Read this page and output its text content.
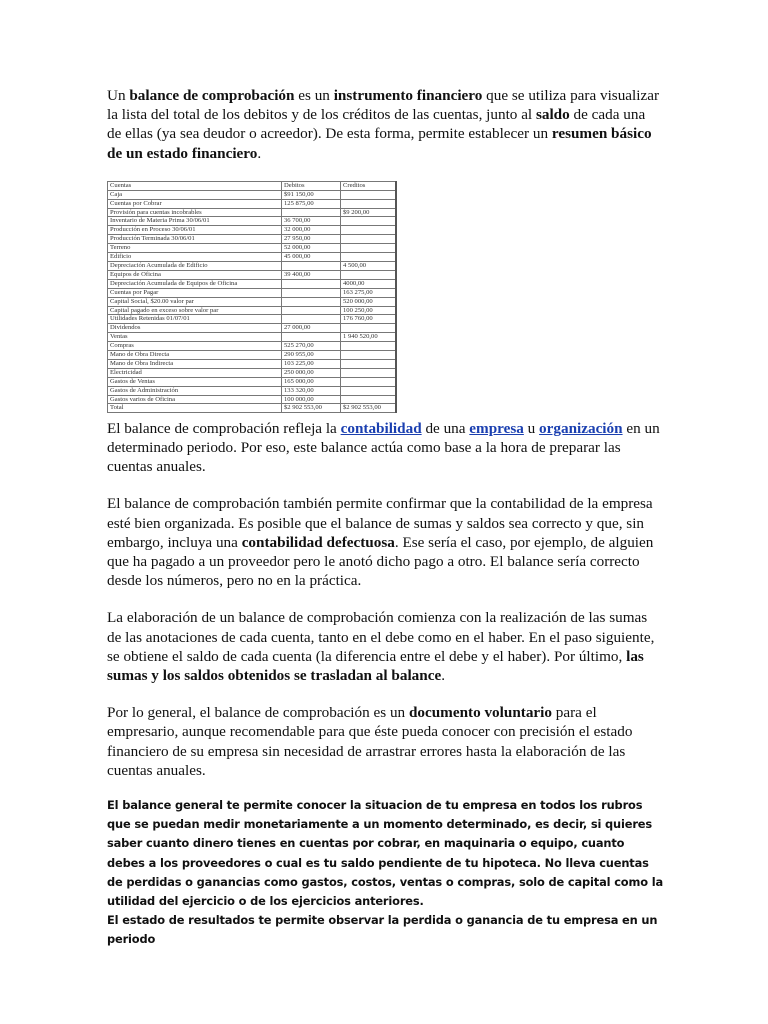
Un balance de comprobación es un instrumento financiero que se utiliza para visualizar la lista del total de los debitos y de los créditos de las cuentas, junto al saldo de cada una de ellas (ya sea deudor o acreedor). De esta forma, permite establecer un resumen básico de un estado financiero.

Cuentas	Debitos	Creditos
Caja	$91 150,00	
Cuentas por Cobrar	125 875,00	
Provisión para cuentas incobrables		$9 200,00
Inventario de Materia Prima 30/06/01	36 700,00	
Producción en Proceso 30/06/01	32 000,00	
Producción Terminada 30/06/01	27 950,00	
Terreno	52 000,00	
Edificio	45 000,00	
Depreciación Acumulada de Edificio		4 500,00
Equipos de Oficina	39 400,00	
Depreciación Acumulada de Equipos de Oficina		4000,00
Cuentas por Pagar		163 275,00
Capital Social, $20.00 valor par		520 000,00
Capital pagado en exceso sobre valor par		100 250,00
Utilidades Retenidas 01/07/01		176 760,00
Dividendos	27 000,00	
Ventas		1 940 520,00
Compras	525 270,00	
Mano de Obra Directa	290 955,00	
Mano de Obra Indirecta	103 225,00	
Electricidad	250 000,00	
Gastos de Ventas	165 000,00	
Gastos de Administración	133 320,00	
Gastos varios de Oficina	100 000,00	
Total	$2 902 553,00	$2 902 553,00

El balance de comprobación refleja la contabilidad de una empresa u organización en un determinado periodo. Por eso, este balance actúa como base a la hora de preparar las cuentas anuales.

El balance de comprobación también permite confirmar que la contabilidad de la empresa esté bien organizada. Es posible que el balance de sumas y saldos sea correcto y que, sin embargo, incluya una contabilidad defectuosa. Ese sería el caso, por ejemplo, de alguien que ha pagado a un proveedor pero le anotó dicho pago a otro. El balance sería correcto desde los números, pero no en la práctica.

La elaboración de un balance de comprobación comienza con la realización de las sumas de las anotaciones de cada cuenta, tanto en el debe como en el haber. En el paso siguiente, se obtiene el saldo de cada cuenta (la diferencia entre el debe y el haber). Por último, las sumas y los saldos obtenidos se trasladan al balance.

Por lo general, el balance de comprobación es un documento voluntario para el empresario, aunque recomendable para que éste pueda conocer con precisión el estado financiero de su empresa sin necesidad de arrastrar errores hasta la elaboración de las cuentas anuales.

El balance general te permite conocer la situacion de tu empresa en todos los rubros que se puedan medir monetariamente a un momento determinado, es decir, si quieres saber cuanto dinero tienes en cuentas por cobrar, en maquinaria o equipo, cuanto debes a los proveedores o cual es tu saldo pendiente de tu hipoteca. No lleva cuentas de perdidas o ganancias como gastos, costos, ventas o compras, solo de capital como la utilidad del ejercicio o de los ejercicios anteriores.

El estado de resultados te permite observar la perdida o ganancia de tu empresa en un periodo
